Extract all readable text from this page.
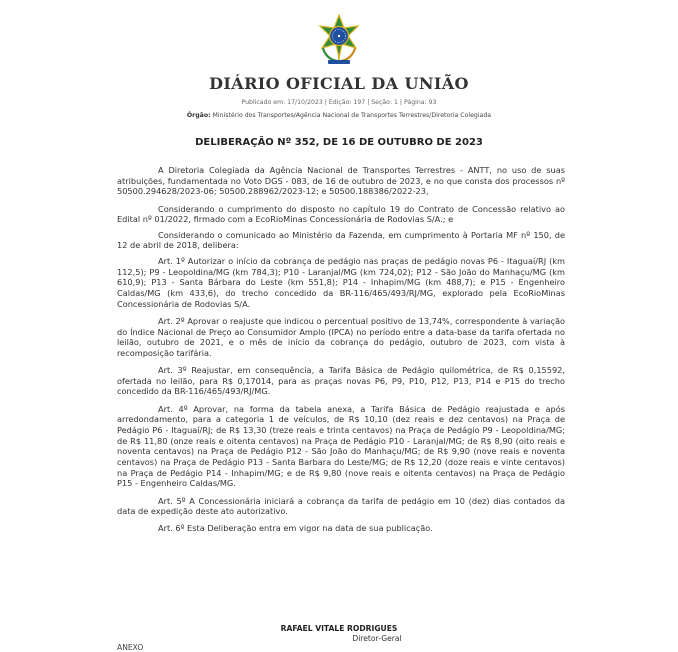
DIÁRIO OFICIAL DA UNIÃO
Publicado em: 17/10/2023 | Edição: 197 | Seção: 1 | Página: 93
Órgão: Ministério dos Transportes/Agência Nacional de Transportes Terrestres/Diretoria Colegiada
DELIBERAÇÃO Nº 352, DE 16 DE OUTUBRO DE 2023

A Diretoria Colegiada da Agência Nacional de Transportes Terrestres - ANTT, no uso de suas atribuições, fundamentada no Voto DGS - 083, de 16 de outubro de 2023, e no que consta dos processos nº 50500.294628/2023-06; 50500.288962/2023-12; e 50500.188386/2022-23,

Considerando o cumprimento do disposto no capítulo 19 do Contrato de Concessão relativo ao Edital nº 01/2022, firmado com a EcoRioMinas Concessionária de Rodovias S/A.; e

Considerando o comunicado ao Ministério da Fazenda, em cumprimento à Portaria MF nº 150, de 12 de abril de 2018, delibera:

Art. 1º Autorizar o início da cobrança de pedágio nas praças de pedágio novas P6 - Itaguaí/RJ (km 112,5); P9 - Leopoldina/MG (km 784,3); P10 - Laranjal/MG (km 724,02); P12 - São João do Manhaçu/MG (km 610,9); P13 - Santa Bárbara do Leste (km 551,8); P14 - Inhapim/MG (km 488,7); e P15 - Engenheiro Caldas/MG (km 433,6), do trecho concedido da BR-116/465/493/RJ/MG, explorado pela EcoRioMinas Concessionária de Rodovias S/A.

Art. 2º Aprovar o reajuste que indicou o percentual positivo de 13,74%, correspondente à variação do Índice Nacional de Preço ao Consumidor Amplo (IPCA) no período entre a data-base da tarifa ofertada no leilão, outubro de 2021, e o mês de início da cobrança do pedágio, outubro de 2023, com vista à recomposição tarifária.

Art. 3º Reajustar, em consequência, a Tarifa Básica de Pedágio quilométrica, de R$ 0,15592, ofertada no leilão, para R$ 0,17014, para as praças novas P6, P9, P10, P12, P13, P14 e P15 do trecho concedido da BR-116/465/493/RJ/MG.

Art. 4º Aprovar, na forma da tabela anexa, a Tarifa Básica de Pedágio reajustada e após arredondamento, para a categoria 1 de veículos, de R$ 10,10 (dez reais e dez centavos) na Praça de Pedágio P6 - Itaguaí/RJ; de R$ 13,30 (treze reais e trinta centavos) na Praça de Pedágio P9 - Leopoldina/MG; de R$ 11,80 (onze reais e oitenta centavos) na Praça de Pedágio P10 - Laranjal/MG; de R$ 8,90 (oito reais e noventa centavos) na Praça de Pedágio P12 - São João do Manhaçu/MG; de R$ 9,90 (nove reais e noventa centavos) na Praça de Pedágio P13 - Santa Barbara do Leste/MG; de R$ 12,20 (doze reais e vinte centavos) na Praça de Pedágio P14 - Inhapim/MG; e de R$ 9,80 (nove reais e oitenta centavos) na Praça de Pedágio P15 - Engenheiro Caldas/MG.

Art. 5º A Concessionária iniciará a cobrança da tarifa de pedágio em 10 (dez) dias contados da data de expedição deste ato autorizativo.

Art. 6º Esta Deliberação entra em vigor na data de sua publicação.

RAFAEL VITALE RODRIGUES
Diretor-Geral
ANEXO
